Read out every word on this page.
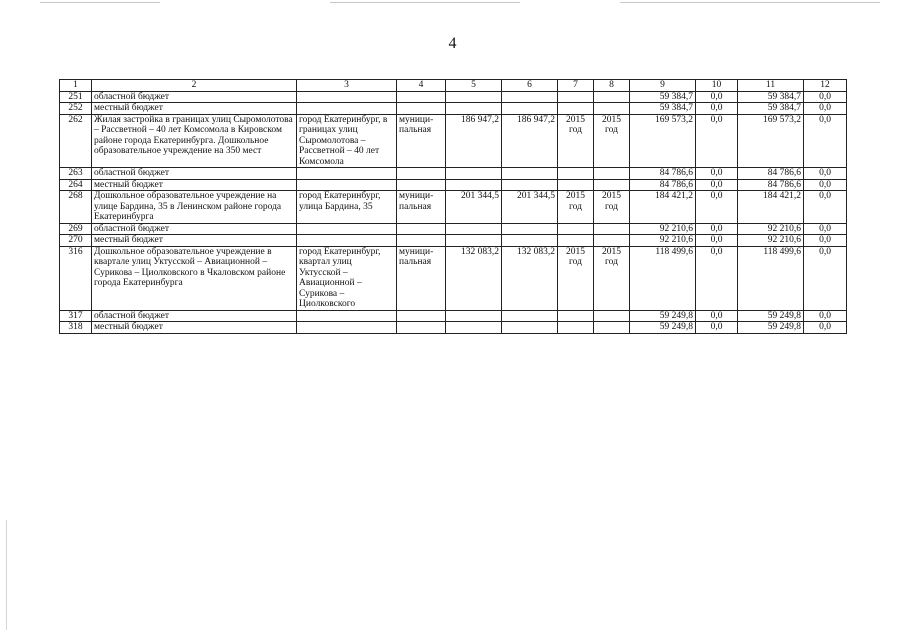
4
1	2	3	4	5	6	7	8	9	10	11	12
251	областной бюджет							59 384,7	0,0	59 384,7	0,0
252	местный бюджет							59 384,7	0,0	59 384,7	0,0
262	Жилая застройка в границах улиц Сыромолотова – Рассветной – 40 лет Комсомола в Кировском районе города Екатеринбурга. Дошкольное образовательное учреждение на 350 мест	город Екатеринбург, в границах улиц Сыромолотова – Рассветной – 40 лет Комсомола	муници-пальная	186 947,2	186 947,2	2015 год	2015 год	169 573,2	0,0	169 573,2	0,0
263	областной бюджет							84 786,6	0,0	84 786,6	0,0
264	местный бюджет							84 786,6	0,0	84 786,6	0,0
268	Дошкольное образовательное учреждение на улице Бардина, 35 в Ленинском районе города Екатеринбурга	город Екатеринбург, улица Бардина, 35	муници-пальная	201 344,5	201 344,5	2015 год	2015 год	184 421,2	0,0	184 421,2	0,0
269	областной бюджет							92 210,6	0,0	92 210,6	0,0
270	местный бюджет							92 210,6	0,0	92 210,6	0,0
316	Дошкольное образовательное учреждение в квартале улиц Уктусской – Авиационной – Сурикова – Циолковского в Чкаловском районе города Екатеринбурга	город Екатеринбург, квартал улиц Уктусской – Авиационной – Сурикова – Циолковского	муници-пальная	132 083,2	132 083,2	2015 год	2015 год	118 499,6	0,0	118 499,6	0,0
317	областной бюджет							59 249,8	0,0	59 249,8	0,0
318	местный бюджет							59 249,8	0,0	59 249,8	0,0
